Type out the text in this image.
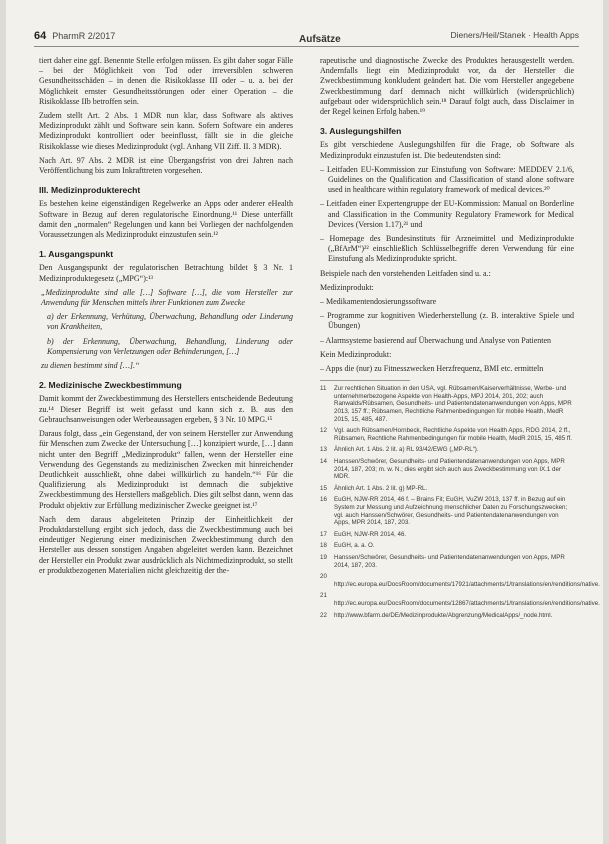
64 PharmR 2/2017	Aufsätze	Dieners/Heil/Stanek · Health Apps

tiert daher eine ggf. Benennte Stelle erfolgen müssen. Es gibt daher sogar Fälle – bei der Möglichkeit von Tod oder irreversiblen schweren Gesundheitsschäden – in denen die Risikoklasse III oder – u. a. bei der Möglichkeit ernster Gesundheitsstörungen oder einer Operation – die Risikoklasse IIb betroffen sein.

Zudem stellt Art. 2 Abs. 1 MDR nun klar, dass Software als aktives Medizinprodukt zählt und Software sein kann. Sofern Software ein anderes Medizinprodukt kontrolliert oder beeinflusst, fällt sie in die gleiche Risikoklasse wie dieses Medizinprodukt (vgl. Anhang VII Ziff. II. 3 MDR).

Nach Art. 97 Abs. 2 MDR ist eine Übergangsfrist von drei Jahren nach Veröffentlichung bis zum Inkrafttreten vorgesehen.

III. Medizinprodukterecht

Es bestehen keine eigenständigen Regelwerke an Apps oder anderer eHealth Software in Bezug auf deren regulatorische Einordnung.¹¹ Diese unterfällt damit den „normalen“ Regelungen und kann bei Vorliegen der nachfolgenden Voraussetzungen als Medizinprodukt einzustufen sein.¹²

1. Ausgangspunkt

Den Ausgangspunkt der regulatorischen Betrachtung bildet § 3 Nr. 1 Medizinproduktegesetz („MPG“):¹³

„Medizinprodukte sind alle […] Software […], die vom Hersteller zur Anwendung für Menschen mittels ihrer Funktionen zum Zwecke

a) der Erkennung, Verhütung, Überwachung, Behandlung oder Linderung von Krankheiten,

b) der Erkennung, Überwachung, Behandlung, Linderung oder Kompensierung von Verletzungen oder Behinderungen, […]

zu dienen bestimmt sind […].“

2. Medizinische Zweckbestimmung

Damit kommt der Zweckbestimmung des Herstellers entscheidende Bedeutung zu.¹⁴ Dieser Begriff ist weit gefasst und kann sich z. B. aus den Gebrauchsanweisungen oder Werbeaussagen ergeben, § 3 Nr. 10 MPG.¹⁵

Daraus folgt, dass „ein Gegenstand, der von seinem Hersteller zur Anwendung für Menschen zum Zwecke der Untersuchung […] konzipiert wurde, […] dann nicht unter den Begriff „Medizinprodukt“ fallen, wenn der Hersteller eine Verwendung des Gegenstands zu medizinischen Zwecken mit hinreichender Deutlichkeit ausschließt, ohne dabei willkürlich zu handeln.“¹⁶ Für die Qualifizierung als Medizinprodukt ist demnach die subjektive Zweckbestimmung des Herstellers maßgeblich. Dies gilt selbst dann, wenn das Produkt objektiv zur Erfüllung medizinischer Zwecke geeignet ist.¹⁷

Nach dem daraus abgeleiteten Prinzip der Einheitlichkeit der Produktdarstellung ergibt sich jedoch, dass die Zweckbestimmung auch bei eindeutiger Negierung einer medizinischen Zweckbestimmung durch den Hersteller aus dessen sonstigen Angaben abgeleitet werden kann. Bezeichnet der Hersteller ein Produkt zwar ausdrücklich als Nichtmedizinprodukt, so stellt er produktbezogenen Materialien nicht gleichzeitig der the-

rapeutische und diagnostische Zwecke des Produktes herausgestellt werden. Andernfalls liegt ein Medizinprodukt vor, da der Hersteller die Zweckbestimmung konkludent geändert hat. Die vom Hersteller angegebene Zweckbestimmung darf demnach nicht willkürlich (widersprüchlich) aufgebaut oder widersprüchlich sein.¹⁸ Darauf folgt auch, dass Disclaimer in der Regel keinen Erfolg haben.¹⁹

3. Auslegungshilfen

Es gibt verschiedene Auslegungshilfen für die Frage, ob Software als Medizinprodukt einzustufen ist. Die bedeutendsten sind:

– Leitfaden EU-Kommission zur Einstufung von Software: MEDDEV 2.1/6, Guidelines on the Qualification and Classification of stand alone software used in healthcare within regulatory framework of medical devices.²⁰

– Leitfaden einer Expertengruppe der EU-Kommission: Manual on Borderline and Classification in the Community Regulatory Framework for Medical Devices (Version 1.17),²¹ und

– Homepage des Bundesinstituts für Arzneimittel und Medizinprodukte („BfArM“)²² einschließlich Schlüsselbegriffe deren Verwendung für eine Einstufung als Medizinprodukte spricht.

Beispiele nach den vorstehenden Leitfaden sind u. a.:

Medizinprodukt:

– Medikamentendosierungssoftware

– Programme zur kognitiven Wiederherstellung (z. B. interaktive Spiele und Übungen)

– Alarmsysteme basierend auf Überwachung und Analyse von Patienten

Kein Medizinprodukt:

– Apps die (nur) zu Fitnesszwecken Herzfrequenz, BMI etc. ermitteln

11 Zur rechtlichen Situation in den USA, vgl. Rübsamen/Kaiserverhältnisse, Werbe- und unternehmerbezogene Aspekte von Health-Apps, MPJ 2014, 201, 202; auch Ranwalds/Rübsamen, Gesundheits- und Patientendatenanwendungen von Apps, MPR 2013, 157 ff.; Rübsamen, Rechtliche Rahmenbedingungen für mobile Health, MedR 2015, 15, 485, 487.

12 Vgl. auch Rübsamen/Hornbeck, Rechtliche Aspekte von Health Apps, RDG 2014, 2 ff., Rübsamen, Rechtliche Rahmenbedingungen für mobile Health, MedR 2015, 15, 485 ff.

13 Ähnlich Art. 1 Abs. 2 lit. a) RL 93/42/EWG („MP-RL“).

14 Hanssen/Schwörer, Gesundheits- und Patientendatenanwendungen von Apps, MPR 2014, 187, 203; m. w. N.; dies ergibt sich auch aus Zweckbestimmung von IX.1 der MDR.

15 Ähnlich Art. 1 Abs. 2 lit. g) MP-RL.

16 EuGH, NJW-RR 2014, 46 f. – Brains Fit; EuGH, VuZW 2013, 137 ff. in Bezug auf ein System zur Messung und Aufzeichnung menschlicher Daten zu Forschungszwecken; vgl. auch Hanssen/Schwörer, Gesundheits- und Patientendatenanwendungen von Apps, MPR 2014, 187, 203.

17 EuGH, NJW-RR 2014, 46.

18 EuGH, a. a. O.

19 Hanssen/Schwörer, Gesundheits- und Patientendatenanwendungen von Apps, MPR 2014, 187, 203.

20http://ec.europa.eu/DocsRoom/documents/17921/attachments/1/translations/en/renditions/native.

21http://ec.europa.eu/DocsRoom/documents/12867/attachments/1/translations/en/renditions/native.

22 http://www.bfarm.de/DE/Medizinprodukte/Abgrenzung/MedicalApps/_node.html.
